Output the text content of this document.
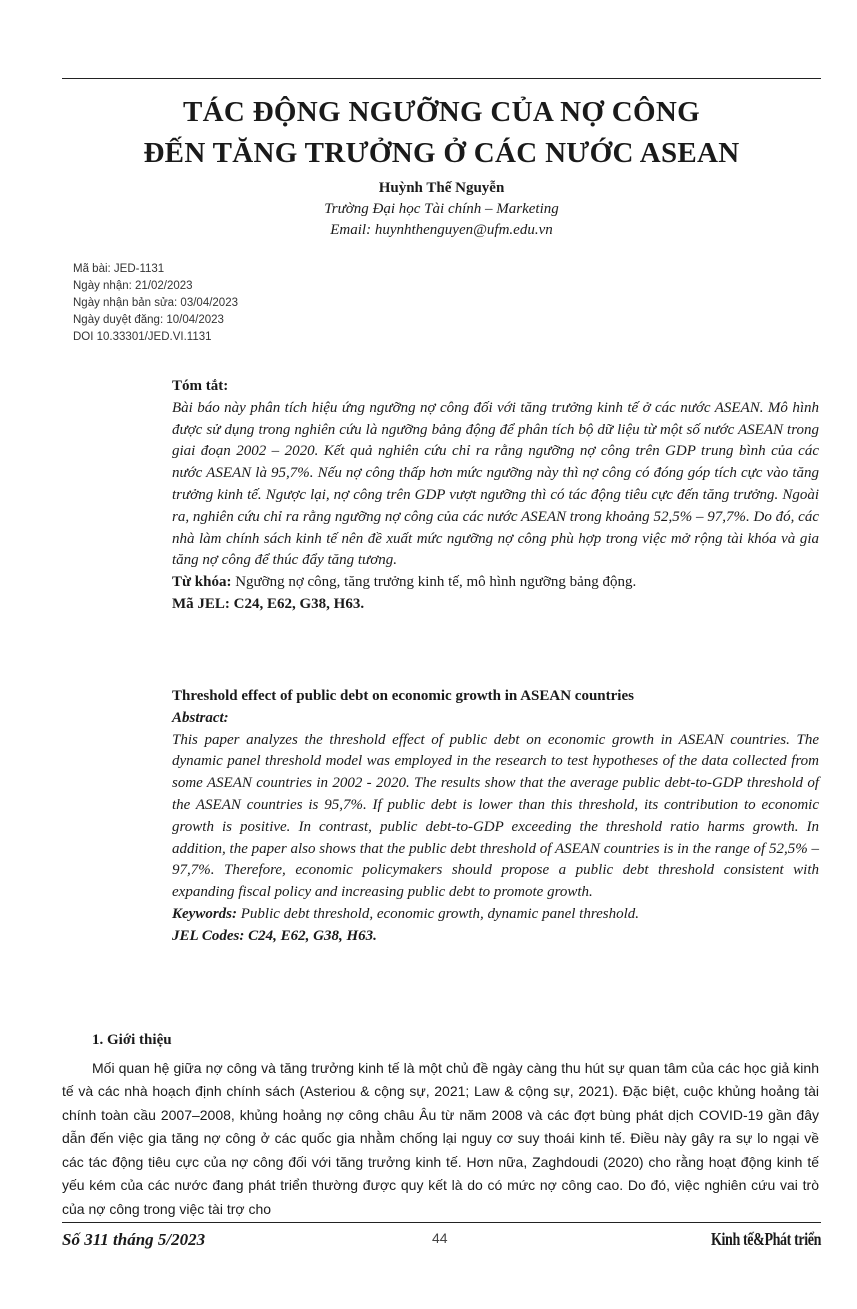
TÁC ĐỘNG NGƯỠNG CỦA NỢ CÔNG
ĐẾN TĂNG TRƯỞNG Ở CÁC NƯỚC ASEAN
Huỳnh Thế Nguyễn
Trường Đại học Tài chính – Marketing
Email: huynhthenguyen@ufm.edu.vn
Mã bài: JED-1131
Ngày nhận: 21/02/2023
Ngày nhận bản sửa: 03/04/2023
Ngày duyệt đăng: 10/04/2023
DOI 10.33301/JED.VI.1131

Tóm tắt:

Bài báo này phân tích hiệu ứng ngưỡng nợ công đối với tăng trưởng kinh tế ở các nước ASEAN. Mô hình được sử dụng trong nghiên cứu là ngưỡng bảng động để phân tích bộ dữ liệu từ một số nước ASEAN trong giai đoạn 2002 – 2020. Kết quả nghiên cứu chỉ ra rằng ngưỡng nợ công trên GDP trung bình của các nước ASEAN là 95,7%. Nếu nợ công thấp hơn mức ngưỡng này thì nợ công có đóng góp tích cực vào tăng trưởng kinh tế. Ngược lại, nợ công trên GDP vượt ngưỡng thì có tác động tiêu cực đến tăng trưởng. Ngoài ra, nghiên cứu chỉ ra rằng ngưỡng nợ công của các nước ASEAN trong khoảng 52,5% – 97,7%. Do đó, các nhà làm chính sách kinh tế nên đề xuất mức ngưỡng nợ công phù hợp trong việc mở rộng tài khóa và gia tăng nợ công để thúc đẩy tăng tương.

Từ khóa: Ngưỡng nợ công, tăng trưởng kinh tế, mô hình ngưỡng bảng động.

Mã JEL: C24, E62, G38, H63.

Threshold effect of public debt on economic growth in ASEAN countries

Abstract:

This paper analyzes the threshold effect of public debt on economic growth in ASEAN countries. The dynamic panel threshold model was employed in the research to test hypotheses of the data collected from some ASEAN countries in 2002 - 2020. The results show that the average public debt-to-GDP threshold of the ASEAN countries is 95,7%. If public debt is lower than this threshold, its contribution to economic growth is positive. In contrast, public debt-to-GDP exceeding the threshold ratio harms growth. In addition, the paper also shows that the public debt threshold of ASEAN countries is in the range of 52,5% – 97,7%. Therefore, economic policymakers should propose a public debt threshold consistent with expanding fiscal policy and increasing public debt to promote growth.

Keywords: Public debt threshold, economic growth, dynamic panel threshold.

JEL Codes: C24, E62, G38, H63.

1. Giới thiệu

Mối quan hệ giữa nợ công và tăng trưởng kinh tế là một chủ đề ngày càng thu hút sự quan tâm của các học giả kinh tế và các nhà hoạch định chính sách (Asteriou & cộng sự, 2021; Law & cộng sự, 2021). Đặc biệt, cuộc khủng hoảng tài chính toàn cầu 2007–2008, khủng hoảng nợ công châu Âu từ năm 2008 và các đợt bùng phát dịch COVID-19 gần đây dẫn đến việc gia tăng nợ công ở các quốc gia nhằm chống lại nguy cơ suy thoái kinh tế. Điều này gây ra sự lo ngại về các tác động tiêu cực của nợ công đối với tăng trưởng kinh tế. Hơn nữa, Zaghdoudi (2020) cho rằng hoạt động kinh tế yếu kém của các nước đang phát triển thường được quy kết là do có mức nợ công cao. Do đó, việc nghiên cứu vai trò của nợ công trong việc tài trợ cho

Số 311 tháng 5/2023	44	Kinh tế&Phát triển
